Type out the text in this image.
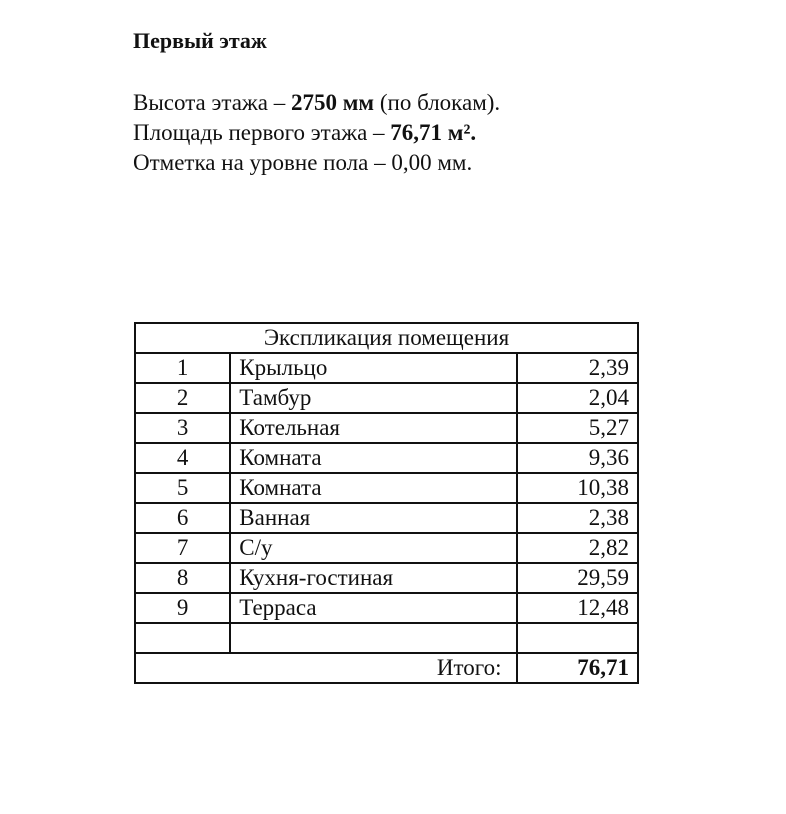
Первый этаж
Высота этажа – 2750 мм (по блокам).
Площадь первого этажа – 76,71 м².
Отметка на уровне пола – 0,00 мм.
Экспликация помещения		
1	Крыльцо	2,39
2	Тамбур	2,04
3	Котельная	5,27
4	Комната	9,36
5	Комната	10,38
6	Ванная	2,38
7	С/у	2,82
8	Кухня-гостиная	29,59
9	Терраса	12,48

Итого:		76,71
